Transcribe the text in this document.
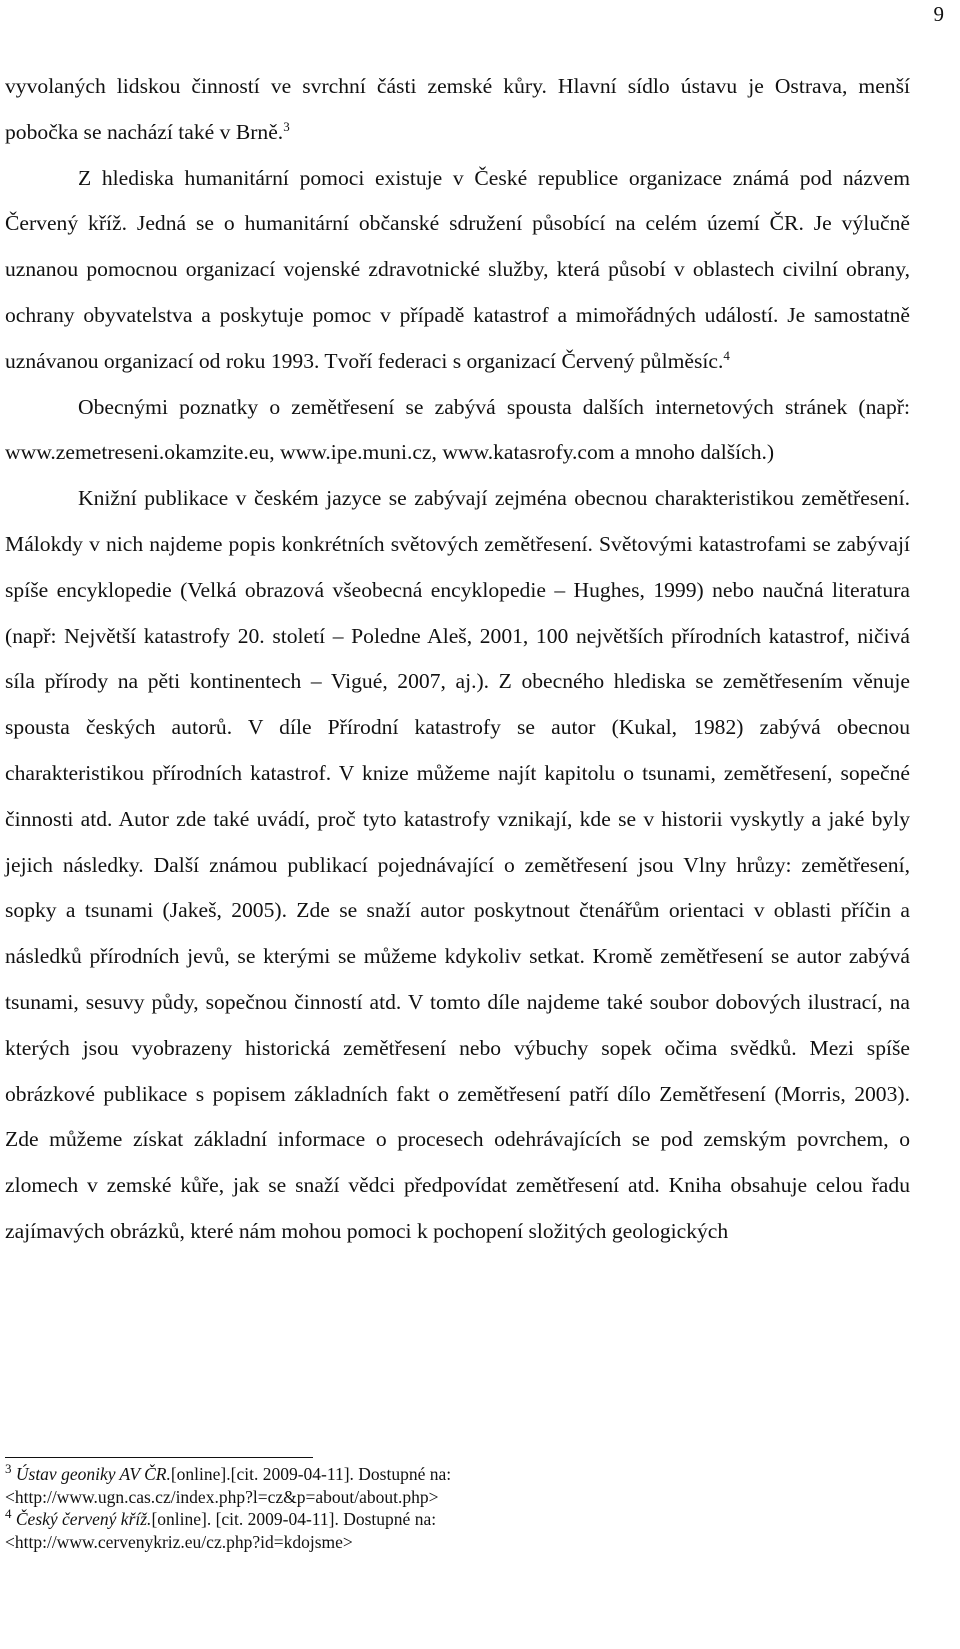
9

vyvolaných lidskou činností ve svrchní části zemské kůry. Hlavní sídlo ústavu je Ostrava, menší pobočka se nachází také v Brně.$^3$

Z hlediska humanitární pomoci existuje v České republice organizace známá pod názvem Červený kříž. Jedná se o humanitární občanské sdružení působící na celém území ČR. Je výlučně uznanou pomocnou organizací vojenské zdravotnické služby, která působí v oblastech civilní obrany, ochrany obyvatelstva a poskytuje pomoc v případě katastrof a mimořádných událostí. Je samostatně uznávanou organizací od roku 1993. Tvoří federaci s organizací Červený půlměsíc.$^4$

Obecnými poznatky o zemětřesení se zabývá spousta dalších internetových stránek (např: www.zemetreseni.okamzite.eu, www.ipe.muni.cz, www.katasrofy.com a mnoho dalších.)

Knižní publikace v českém jazyce se zabývají zejména obecnou charakteristikou zemětřesení. Málokdy v nich najdeme popis konkrétních světových zemětřesení. Světovými katastrofami se zabývají spíše encyklopedie (Velká obrazová všeobecná encyklopedie – Hughes, 1999) nebo naučná literatura (např: Největší katastrofy 20. století – Poledne Aleš, 2001, 100 největších přírodních katastrof, ničivá síla přírody na pěti kontinentech – Vigué, 2007, aj.). Z obecného hlediska se zemětřesením věnuje spousta českých autorů. V díle Přírodní katastrofy se autor (Kukal, 1982) zabývá obecnou charakteristikou přírodních katastrof. V knize můžeme najít kapitolu o tsunami, zemětřesení, sopečné činnosti atd. Autor zde také uvádí, proč tyto katastrofy vznikají, kde se v historii vyskytly a jaké byly jejich následky. Další známou publikací pojednávající o zemětřesení jsou Vlny hrůzy: zemětřesení, sopky a tsunami (Jakeš, 2005). Zde se snaží autor poskytnout čtenářům orientaci v oblasti příčin a následků přírodních jevů, se kterými se můžeme kdykoliv setkat. Kromě zemětřesení se autor zabývá tsunami, sesuvy půdy, sopečnou činností atd. V tomto díle najdeme také soubor dobových ilustrací, na kterých jsou vyobrazeny historická zemětřesení nebo výbuchy sopek očima svědků. Mezi spíše obrázkové publikace s popisem základních fakt o zemětřesení patří dílo Zemětřesení (Morris, 2003). Zde můžeme získat základní informace o procesech odehrávajících se pod zemským povrchem, o zlomech v zemské kůře, jak se snaží vědci předpovídat zemětřesení atd. Kniha obsahuje celou řadu zajímavých obrázků, které nám mohou pomoci k pochopení složitých geologických

$^3$ Ústav geoniky AV ČR.[online].[cit. 2009-04-11]. Dostupné na:

<http://www.ugn.cas.cz/index.php?l=cz&p=about/about.php>

$^4$ Český červený kříž.[online]. [cit. 2009-04-11]. Dostupné na:

<http://www.cervenykriz.eu/cz.php?id=kdojsme>
